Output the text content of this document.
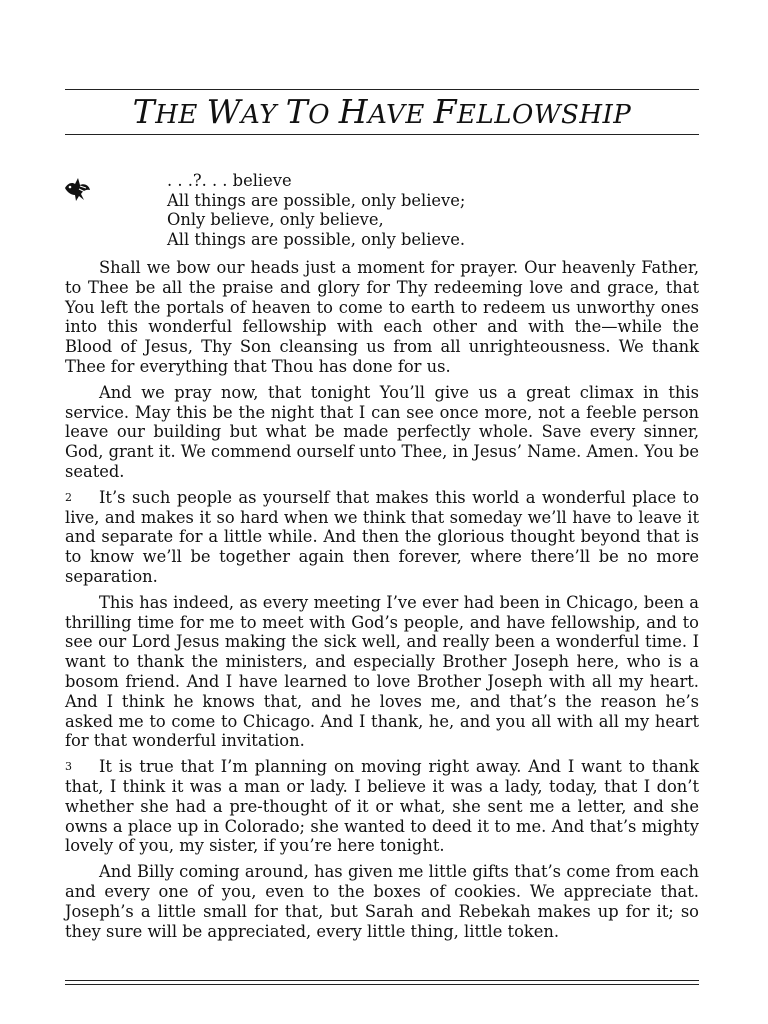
THE WAY TO HAVE FELLOWSHIP
. . .?. . . believe
All things are possible, only believe;
Only believe, only believe,
All things are possible, only believe.

Shall we bow our heads just a moment for prayer. Our heavenly Father, to Thee be all the praise and glory for Thy redeeming love and grace, that You left the portals of heaven to come to earth to redeem us unworthy ones into this wonderful fellowship with each other and with the—while the Blood of Jesus, Thy Son cleansing us from all unrighteousness. We thank Thee for everything that Thou has done for us.

And we pray now, that tonight You’ll give us a great climax in this service. May this be the night that I can see once more, not a feeble person leave our building but what be made perfectly whole. Save every sinner, God, grant it. We commend ourself unto Thee, in Jesus’ Name. Amen. You be seated.

2 It’s such people as yourself that makes this world a wonderful place to live, and makes it so hard when we think that someday we’ll have to leave it and separate for a little while. And then the glorious thought beyond that is to know we’ll be together again then forever, where there’ll be no more separation.

This has indeed, as every meeting I’ve ever had been in Chicago, been a thrilling time for me to meet with God’s people, and have fellowship, and to see our Lord Jesus making the sick well, and really been a wonderful time. I want to thank the ministers, and especially Brother Joseph here, who is a bosom friend. And I have learned to love Brother Joseph with all my heart. And I think he knows that, and he loves me, and that’s the reason he’s asked me to come to Chicago. And I thank, he, and you all with all my heart for that wonderful invitation.

3 It is true that I’m planning on moving right away. And I want to thank that, I think it was a man or lady. I believe it was a lady, today, that I don’t whether she had a pre-thought of it or what, she sent me a letter, and she owns a place up in Colorado; she wanted to deed it to me. And that’s mighty lovely of you, my sister, if you’re here tonight.

And Billy coming around, has given me little gifts that’s come from each and every one of you, even to the boxes of cookies. We appreciate that. Joseph’s a little small for that, but Sarah and Rebekah makes up for it; so they sure will be appreciated, every little thing, little token.
